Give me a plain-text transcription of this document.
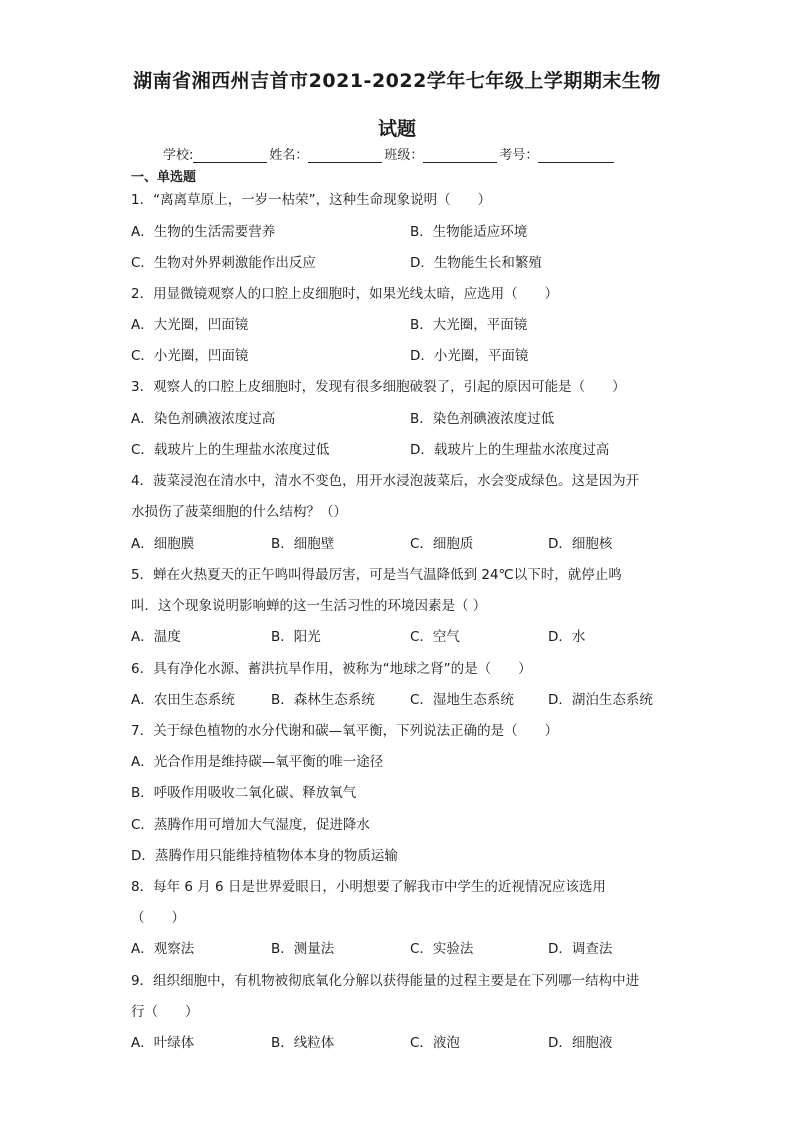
湖南省湘西州吉首市2021-2022学年七年级上学期期末生物
试题
学校:	姓名：	班级：	考号：
一、单选题
1．“离离草原上，一岁一枯荣”，这种生命现象说明（　　）
A．生物的生活需要营养	B．生物能适应环境
C．生物对外界刺激能作出反应	D．生物能生长和繁殖
2．用显微镜观察人的口腔上皮细胞时，如果光线太暗，应选用（　　）
A．大光圈，凹面镜	B．大光圈，平面镜
C．小光圈，凹面镜	D．小光圈，平面镜
3．观察人的口腔上皮细胞时，发现有很多细胞破裂了，引起的原因可能是（　　）
A．染色剂碘液浓度过高	B．染色剂碘液浓度过低
C．载玻片上的生理盐水浓度过低	D．载玻片上的生理盐水浓度过高
4．菠菜浸泡在清水中，清水不变色，用开水浸泡菠菜后，水会变成绿色。这是因为开
水损伤了菠菜细胞的什么结构？（）
A．细胞膜	B．细胞壁	C．细胞质	D．细胞核
5．蝉在火热夏天的正午鸣叫得最厉害，可是当气温降低到 24℃以下时，就停止鸣
叫．这个现象说明影响蝉的这一生活习性的环境因素是（ ）
A．温度	B．阳光	C．空气	D．水
6．具有净化水源、蓄洪抗旱作用，被称为“地球之肾”的是（　　）
A．农田生态系统	B．森林生态系统	C．湿地生态系统	D．湖泊生态系统
7．关于绿色植物的水分代谢和碳—氧平衡，下列说法正确的是（　　）
A．光合作用是维持碳—氧平衡的唯一途径
B．呼吸作用吸收二氧化碳、释放氧气
C．蒸腾作用可增加大气湿度，促进降水
D．蒸腾作用只能维持植物体本身的物质运输
8．每年 6 月 6 日是世界爱眼日，小明想要了解我市中学生的近视情况应该选用
（　　）
A．观察法	B．测量法	C．实验法	D．调查法
9．组织细胞中，有机物被彻底氧化分解以获得能量的过程主要是在下列哪一结构中进
行（　　）
A．叶绿体	B．线粒体	C．液泡	D．细胞液
